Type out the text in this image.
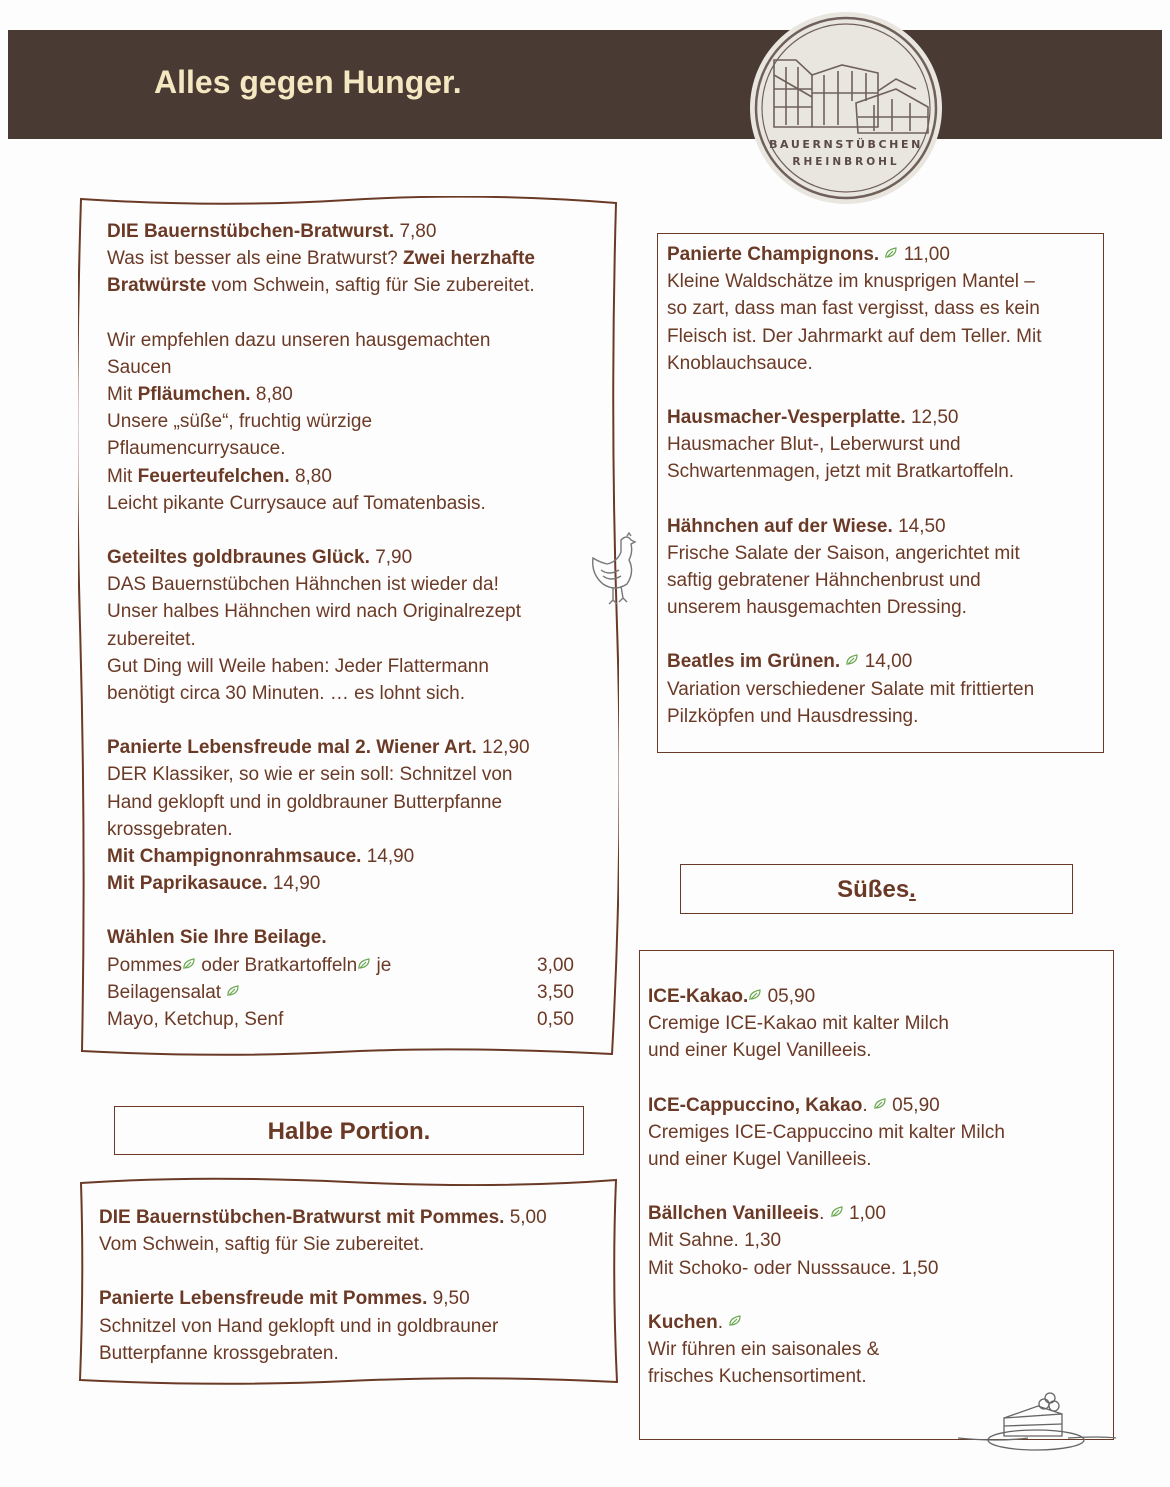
Alles gegen Hunger.
BAUERNSTÜBCHEN
RHEINBROHL

DIE Bauernstübchen-Bratwurst. 7,80

Was ist besser als eine Bratwurst? Zwei herzhafte

Bratwürste vom Schwein, saftig für Sie zubereitet.

Wir empfehlen dazu unseren hausgemachten

Saucen

Mit Pfläumchen. 8,80

Unsere „süße“, fruchtig würzige

Pflaumencurrysauce.

Mit Feuerteufelchen. 8,80

Leicht pikante Currysauce auf Tomatenbasis.

Geteiltes goldbraunes Glück. 7,90

DAS Bauernstübchen Hähnchen ist wieder da!

Unser halbes Hähnchen wird nach Originalrezept

zubereitet.

Gut Ding will Weile haben: Jeder Flattermann

benötigt circa 30 Minuten. … es lohnt sich.

Panierte Lebensfreude mal 2. Wiener Art. 12,90

DER Klassiker, so wie er sein soll: Schnitzel von

Hand geklopft und in goldbrauner Butterpfanne

krossgebraten.

Mit Champignonrahmsauce. 14,90

Mit Paprikasauce. 14,90

Wählen Sie Ihre Beilage.

Pommes oder Bratkartoffeln je	3,00
Beilagensalat	3,50
Mayo, Ketchup, Senf	0,50

Panierte Champignons. 11,00

Kleine Waldschätze im knusprigen Mantel –

so zart, dass man fast vergisst, dass es kein

Fleisch ist. Der Jahrmarkt auf dem Teller. Mit

Knoblauchsauce.

Hausmacher-Vesperplatte. 12,50

Hausmacher Blut-, Leberwurst und

Schwartenmagen, jetzt mit Bratkartoffeln.

Hähnchen auf der Wiese. 14,50

Frische Salate der Saison, angerichtet mit

saftig gebratener Hähnchenbrust und

unserem hausgemachten Dressing.

Beatles im Grünen. 14,00

Variation verschiedener Salate mit frittierten

Pilzköpfen und Hausdressing.

Süßes.
Halbe Portion.

DIE Bauernstübchen-Bratwurst mit Pommes. 5,00

Vom Schwein, saftig für Sie zubereitet.

Panierte Lebensfreude mit Pommes. 9,50

Schnitzel von Hand geklopft und in goldbrauner

Butterpfanne krossgebraten.

ICE-Kakao. 05,90

Cremige ICE-Kakao mit kalter Milch

und einer Kugel Vanilleeis.

ICE-Cappuccino, Kakao. 05,90

Cremiges ICE-Cappuccino mit kalter Milch

und einer Kugel Vanilleeis.

Bällchen Vanilleeis. 1,00

Mit Sahne. 1,30

Mit Schoko- oder Nusssauce. 1,50

Kuchen.

Wir führen ein saisonales &

frisches Kuchensortiment.
